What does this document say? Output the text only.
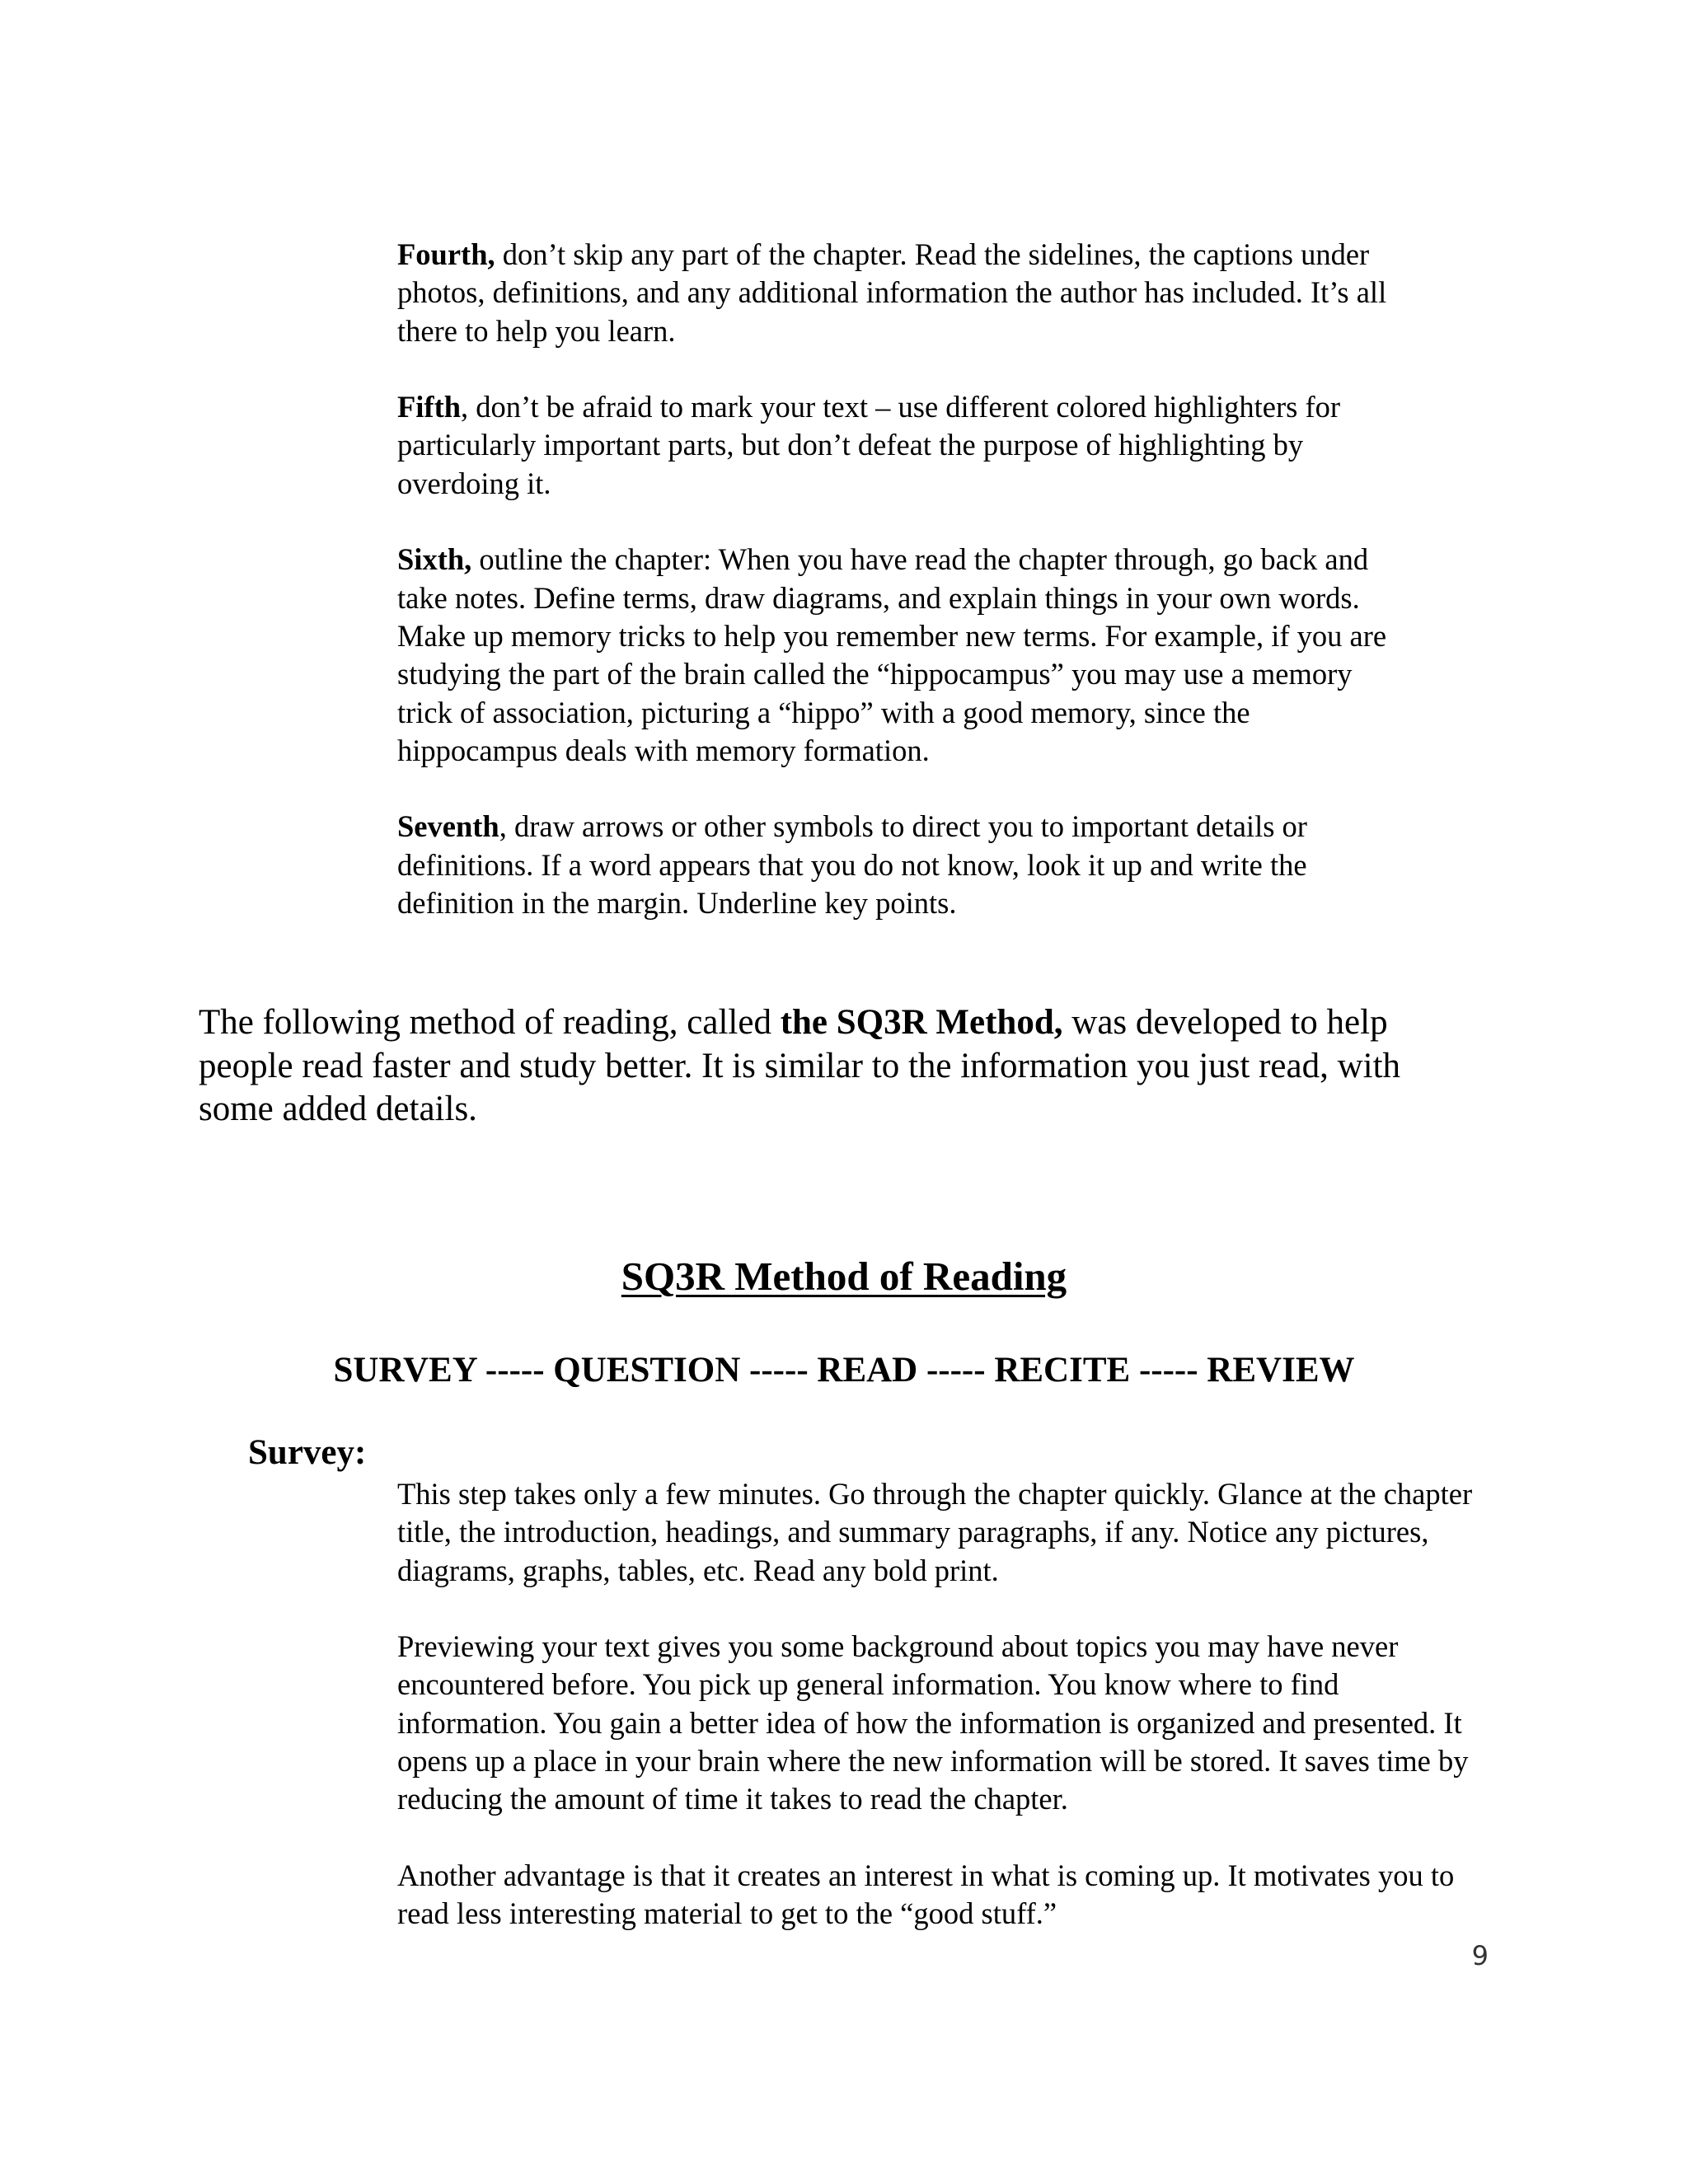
Fourth, don’t skip any part of the chapter. Read the sidelines, the captions under photos, definitions, and any additional information the author has included. It’s all there to help you learn.

Fifth, don’t be afraid to mark your text – use different colored highlighters for particularly important parts, but don’t defeat the purpose of highlighting by overdoing it.

Sixth, outline the chapter: When you have read the chapter through, go back and take notes. Define terms, draw diagrams, and explain things in your own words. Make up memory tricks to help you remember new terms. For example, if you are studying the part of the brain called the “hippocampus” you may use a memory trick of association, picturing a “hippo” with a good memory, since the hippocampus deals with memory formation.

Seventh, draw arrows or other symbols to direct you to important details or definitions. If a word appears that you do not know, look it up and write the definition in the margin. Underline key points.

The following method of reading, called the SQ3R Method, was developed to help people read faster and study better. It is similar to the information you just read, with some added details.

SQ3R Method of Reading

SURVEY ----- QUESTION ----- READ ----- RECITE ----- REVIEW

Survey:

This step takes only a few minutes. Go through the chapter quickly. Glance at the chapter title, the introduction, headings, and summary paragraphs, if any. Notice any pictures, diagrams, graphs, tables, etc. Read any bold print.

Previewing your text gives you some background about topics you may have never encountered before. You pick up general information. You know where to find information. You gain a better idea of how the information is organized and presented. It opens up a place in your brain where the new information will be stored. It saves time by reducing the amount of time it takes to read the chapter.

Another advantage is that it creates an interest in what is coming up. It motivates you to read less interesting material to get to the “good stuff.”

9
